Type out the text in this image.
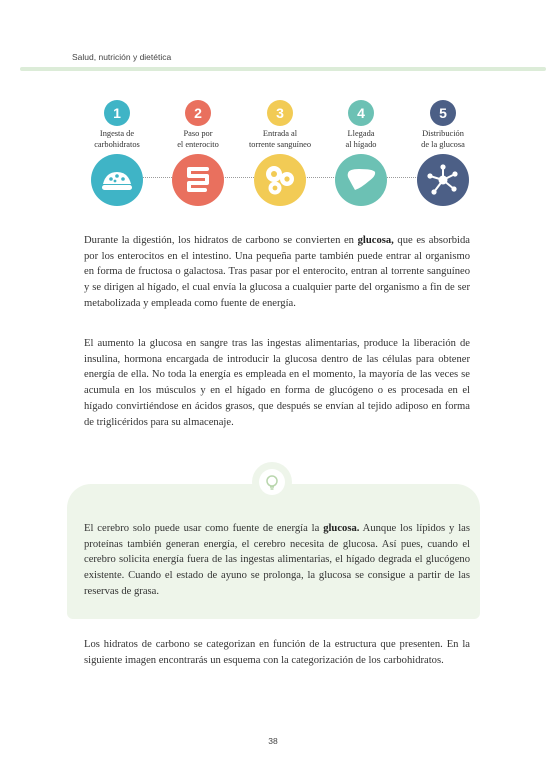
Salud, nutrición y dietética
1
Ingesta de
carbohidratos
2
Paso por
el enterocito
3
Entrada al
torrente sanguíneo
4
Llegada
al hígado
5
Distribución
de la glucosa

Durante la digestión, los hidratos de carbono se convierten en glucosa, que es absorbida por los enterocitos en el intestino. Una pequeña parte también puede entrar al organismo en forma de fructosa o galactosa. Tras pasar por el enterocito, entran al torrente sanguíneo y se dirigen al hígado, el cual envía la glucosa a cualquier parte del organismo a fin de ser metabolizada y empleada como fuente de energía.

El aumento la glucosa en sangre tras las ingestas alimentarias, produce la liberación de insulina, hormona encargada de introducir la glucosa dentro de las células para obtener energía de ella. No toda la energía es empleada en el momento, la mayoría de las veces se acumula en los músculos y en el hígado en forma de glucógeno o es procesada en el hígado convirtiéndose en ácidos grasos, que después se envían al tejido adiposo en forma de triglicéridos para su almacenaje.

El cerebro solo puede usar como fuente de energía la glucosa. Aunque los lípidos y las proteínas también generan energía, el cerebro necesita de glucosa. Así pues, cuando el cerebro solicita energía fuera de las ingestas alimentarias, el hígado degrada el glucógeno existente. Cuando el estado de ayuno se prolonga, la glucosa se consigue a partir de las reservas de grasa.

Los hidratos de carbono se categorizan en función de la estructura que presenten. En la siguiente imagen encontrarás un esquema con la categorización de los carbohidratos.

38
